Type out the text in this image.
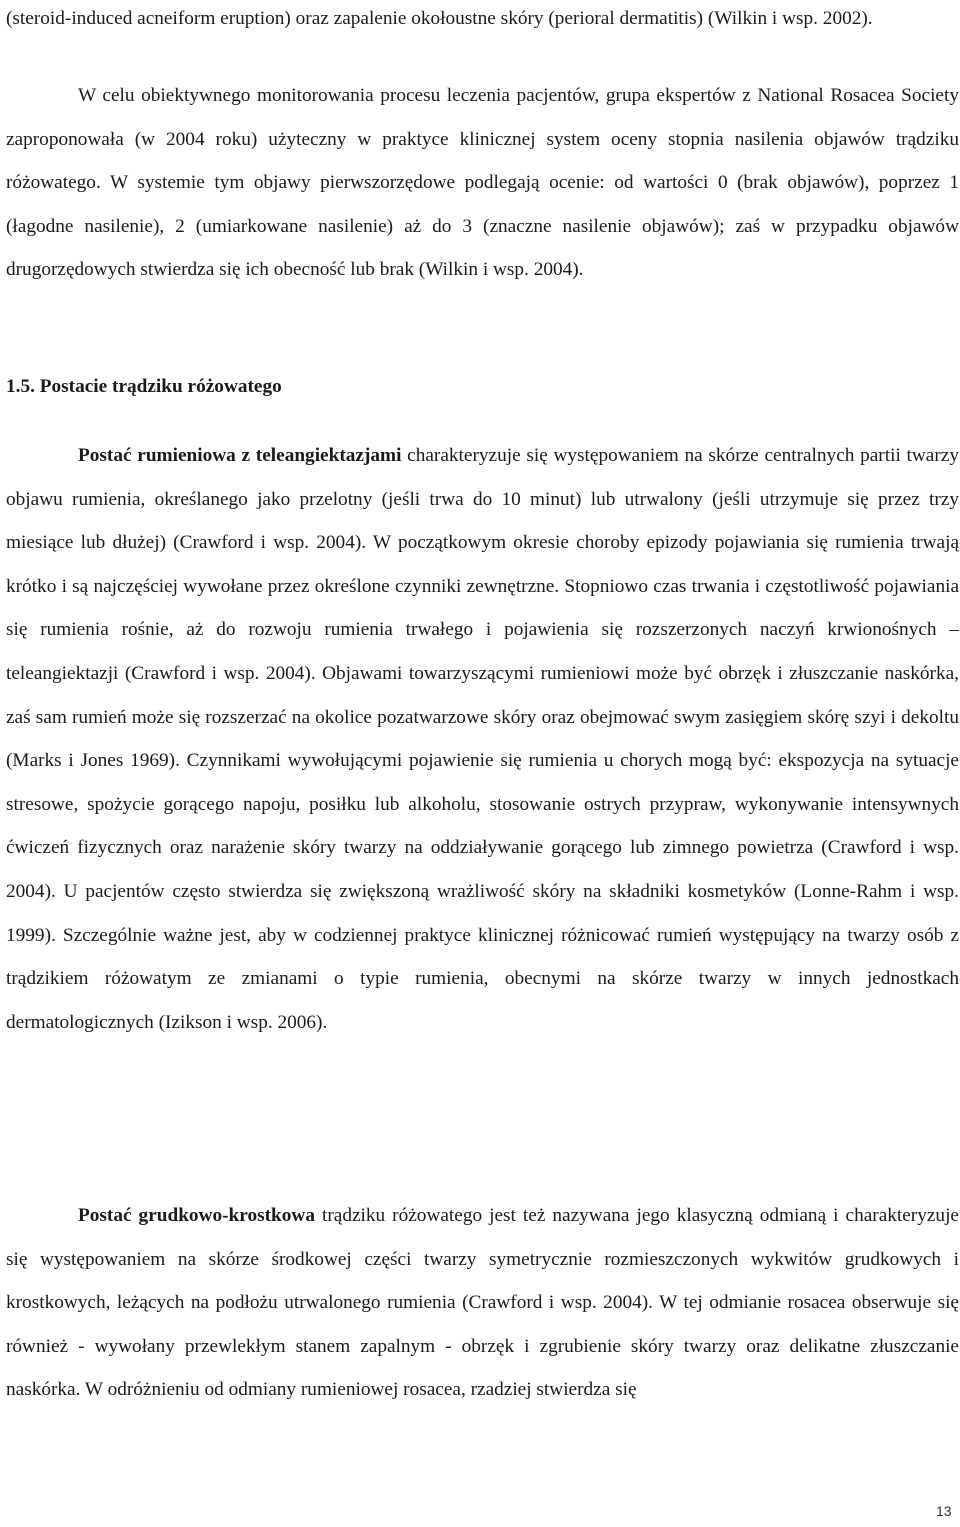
(steroid-induced acneiform eruption) oraz zapalenie okołoustne skóry (perioral dermatitis) (Wilkin i wsp. 2002).

W celu obiektywnego monitorowania procesu leczenia pacjentów, grupa ekspertów z National Rosacea Society zaproponowała (w 2004 roku) użyteczny w praktyce klinicznej system oceny stopnia nasilenia objawów trądziku różowatego. W systemie tym objawy pierwszorzędowe podlegają ocenie: od wartości 0 (brak objawów), poprzez 1 (łagodne nasilenie), 2 (umiarkowane nasilenie) aż do 3 (znaczne nasilenie objawów); zaś w przypadku objawów drugorzędowych stwierdza się ich obecność lub brak (Wilkin i wsp. 2004).

1.5. Postacie trądziku różowatego

Postać rumieniowa z teleangiektazjami charakteryzuje się występowaniem na skórze centralnych partii twarzy objawu rumienia, określanego jako przelotny (jeśli trwa do 10 minut) lub utrwalony (jeśli utrzymuje się przez trzy miesiące lub dłużej) (Crawford i wsp. 2004). W początkowym okresie choroby epizody pojawiania się rumienia trwają krótko i są najczęściej wywołane przez określone czynniki zewnętrzne. Stopniowo czas trwania i częstotliwość pojawiania się rumienia rośnie, aż do rozwoju rumienia trwałego i pojawienia się rozszerzonych naczyń krwionośnych – teleangiektazji (Crawford i wsp. 2004). Objawami towarzyszącymi rumieniowi może być obrzęk i złuszczanie naskórka, zaś sam rumień może się rozszerzać na okolice pozatwarzowe skóry oraz obejmować swym zasięgiem skórę szyi i dekoltu (Marks i Jones 1969). Czynnikami wywołującymi pojawienie się rumienia u chorych mogą być: ekspozycja na sytuacje stresowe, spożycie gorącego napoju, posiłku lub alkoholu, stosowanie ostrych przypraw, wykonywanie intensywnych ćwiczeń fizycznych oraz narażenie skóry twarzy na oddziaływanie gorącego lub zimnego powietrza (Crawford i wsp. 2004). U pacjentów często stwierdza się zwiększoną wrażliwość skóry na składniki kosmetyków (Lonne-Rahm i wsp. 1999). Szczególnie ważne jest, aby w codziennej praktyce klinicznej różnicować rumień występujący na twarzy osób z trądzikiem różowatym ze zmianami o typie rumienia, obecnymi na skórze twarzy w innych jednostkach dermatologicznych (Izikson i wsp. 2006).

Postać grudkowo-krostkowa trądziku różowatego jest też nazywana jego klasyczną odmianą i charakteryzuje się występowaniem na skórze środkowej części twarzy symetrycznie rozmieszczonych wykwitów grudkowych i krostkowych, leżących na podłożu utrwalonego rumienia (Crawford i wsp. 2004). W tej odmianie rosacea obserwuje się również - wywołany przewlekłym stanem zapalnym - obrzęk i zgrubienie skóry twarzy oraz delikatne złuszczanie naskórka. W odróżnieniu od odmiany rumieniowej rosacea, rzadziej stwierdza się

13
